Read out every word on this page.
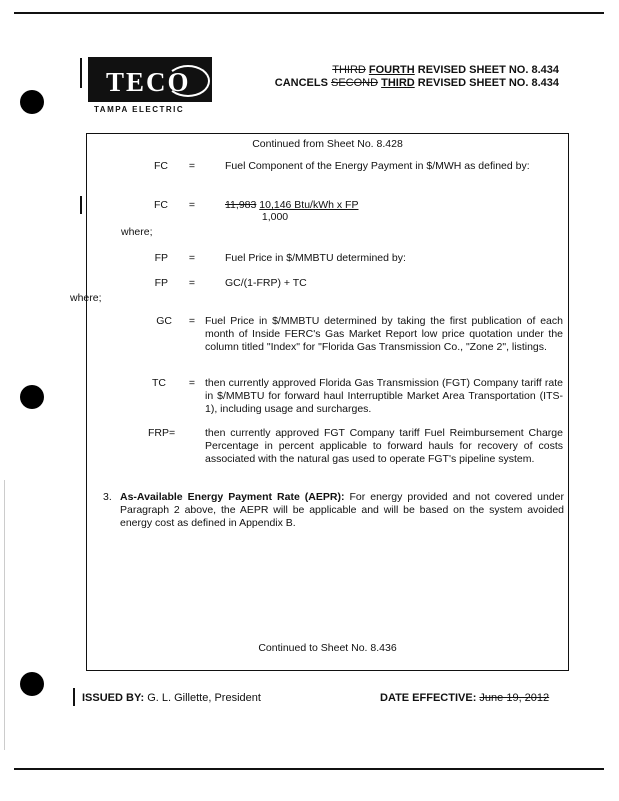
TECO
TAMPA ELECTRIC
THIRD FOURTH REVISED SHEET NO. 8.434
CANCELS SECOND THIRD REVISED SHEET NO. 8.434
Continued from Sheet No. 8.428
FC	=	Fuel Component of the Energy Payment in $/MWH as defined by:
FC	=	11,983 10,146 Btu/kWh x FP
1,000
where;
FP	=	Fuel Price in $/MMBTU determined by:
FP	=	GC/(1-FRP) + TC
where;
GC	= Fuel Price in $/MMBTU determined by taking the first publication of each month of Inside FERC's Gas Market Report low price quotation under the column titled "Index" for "Florida Gas Transmission Co., "Zone 2", listings.
TC	= then currently approved Florida Gas Transmission (FGT) Company tariff rate in $/MMBTU for forward haul Interruptible Market Area Transportation (ITS-1), including usage and surcharges.
FRP=	then currently approved FGT Company tariff Fuel Reimbursement Charge Percentage in percent applicable to forward hauls for recovery of costs associated with the natural gas used to operate FGT's pipeline system.
3. As-Available Energy Payment Rate (AEPR): For energy provided and not covered under Paragraph 2 above, the AEPR will be applicable and will be based on the system avoided energy cost as defined in Appendix B.
Continued to Sheet No. 8.436
ISSUED BY: G. L. Gillette, President	DATE EFFECTIVE: June 19, 2012
